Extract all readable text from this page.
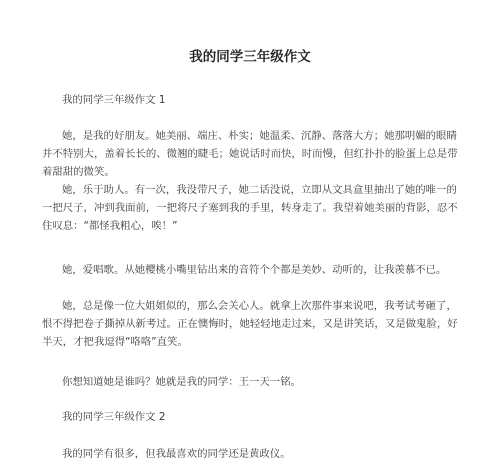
我的同学三年级作文

我的同学三年级作文 1

她，是我的好朋友。她美丽、端庄、朴实；她温柔、沉静、落落大方；她那明媚的眼睛并不特别大，盖着长长的、微翘的睫毛；她说话时而快，时而慢，但红扑扑的脸蛋上总是带着甜甜的微笑。

她，乐于助人。有一次，我没带尺子，她二话没说，立即从文具盒里抽出了她的唯一的一把尺子，冲到我面前，一把将尺子塞到我的手里，转身走了。我望着她美丽的背影，忍不住叹息：“都怪我粗心，唉！”

她，爱唱歌。从她樱桃小嘴里钻出来的音符个个都是美妙、动听的，让我羡慕不已。

她，总是像一位大姐姐似的，那么会关心人。就拿上次那件事来说吧，我考试考砸了，恨不得把卷子撕掉从新考过。正在懊悔时，她轻轻地走过来，又是讲笑话，又是做鬼脸，好半天，才把我逗得“咯咯”直笑。

你想知道她是谁吗？她就是我的同学：王一天一铭。

我的同学三年级作文 2

我的同学有很多，但我最喜欢的同学还是黄政仪。
